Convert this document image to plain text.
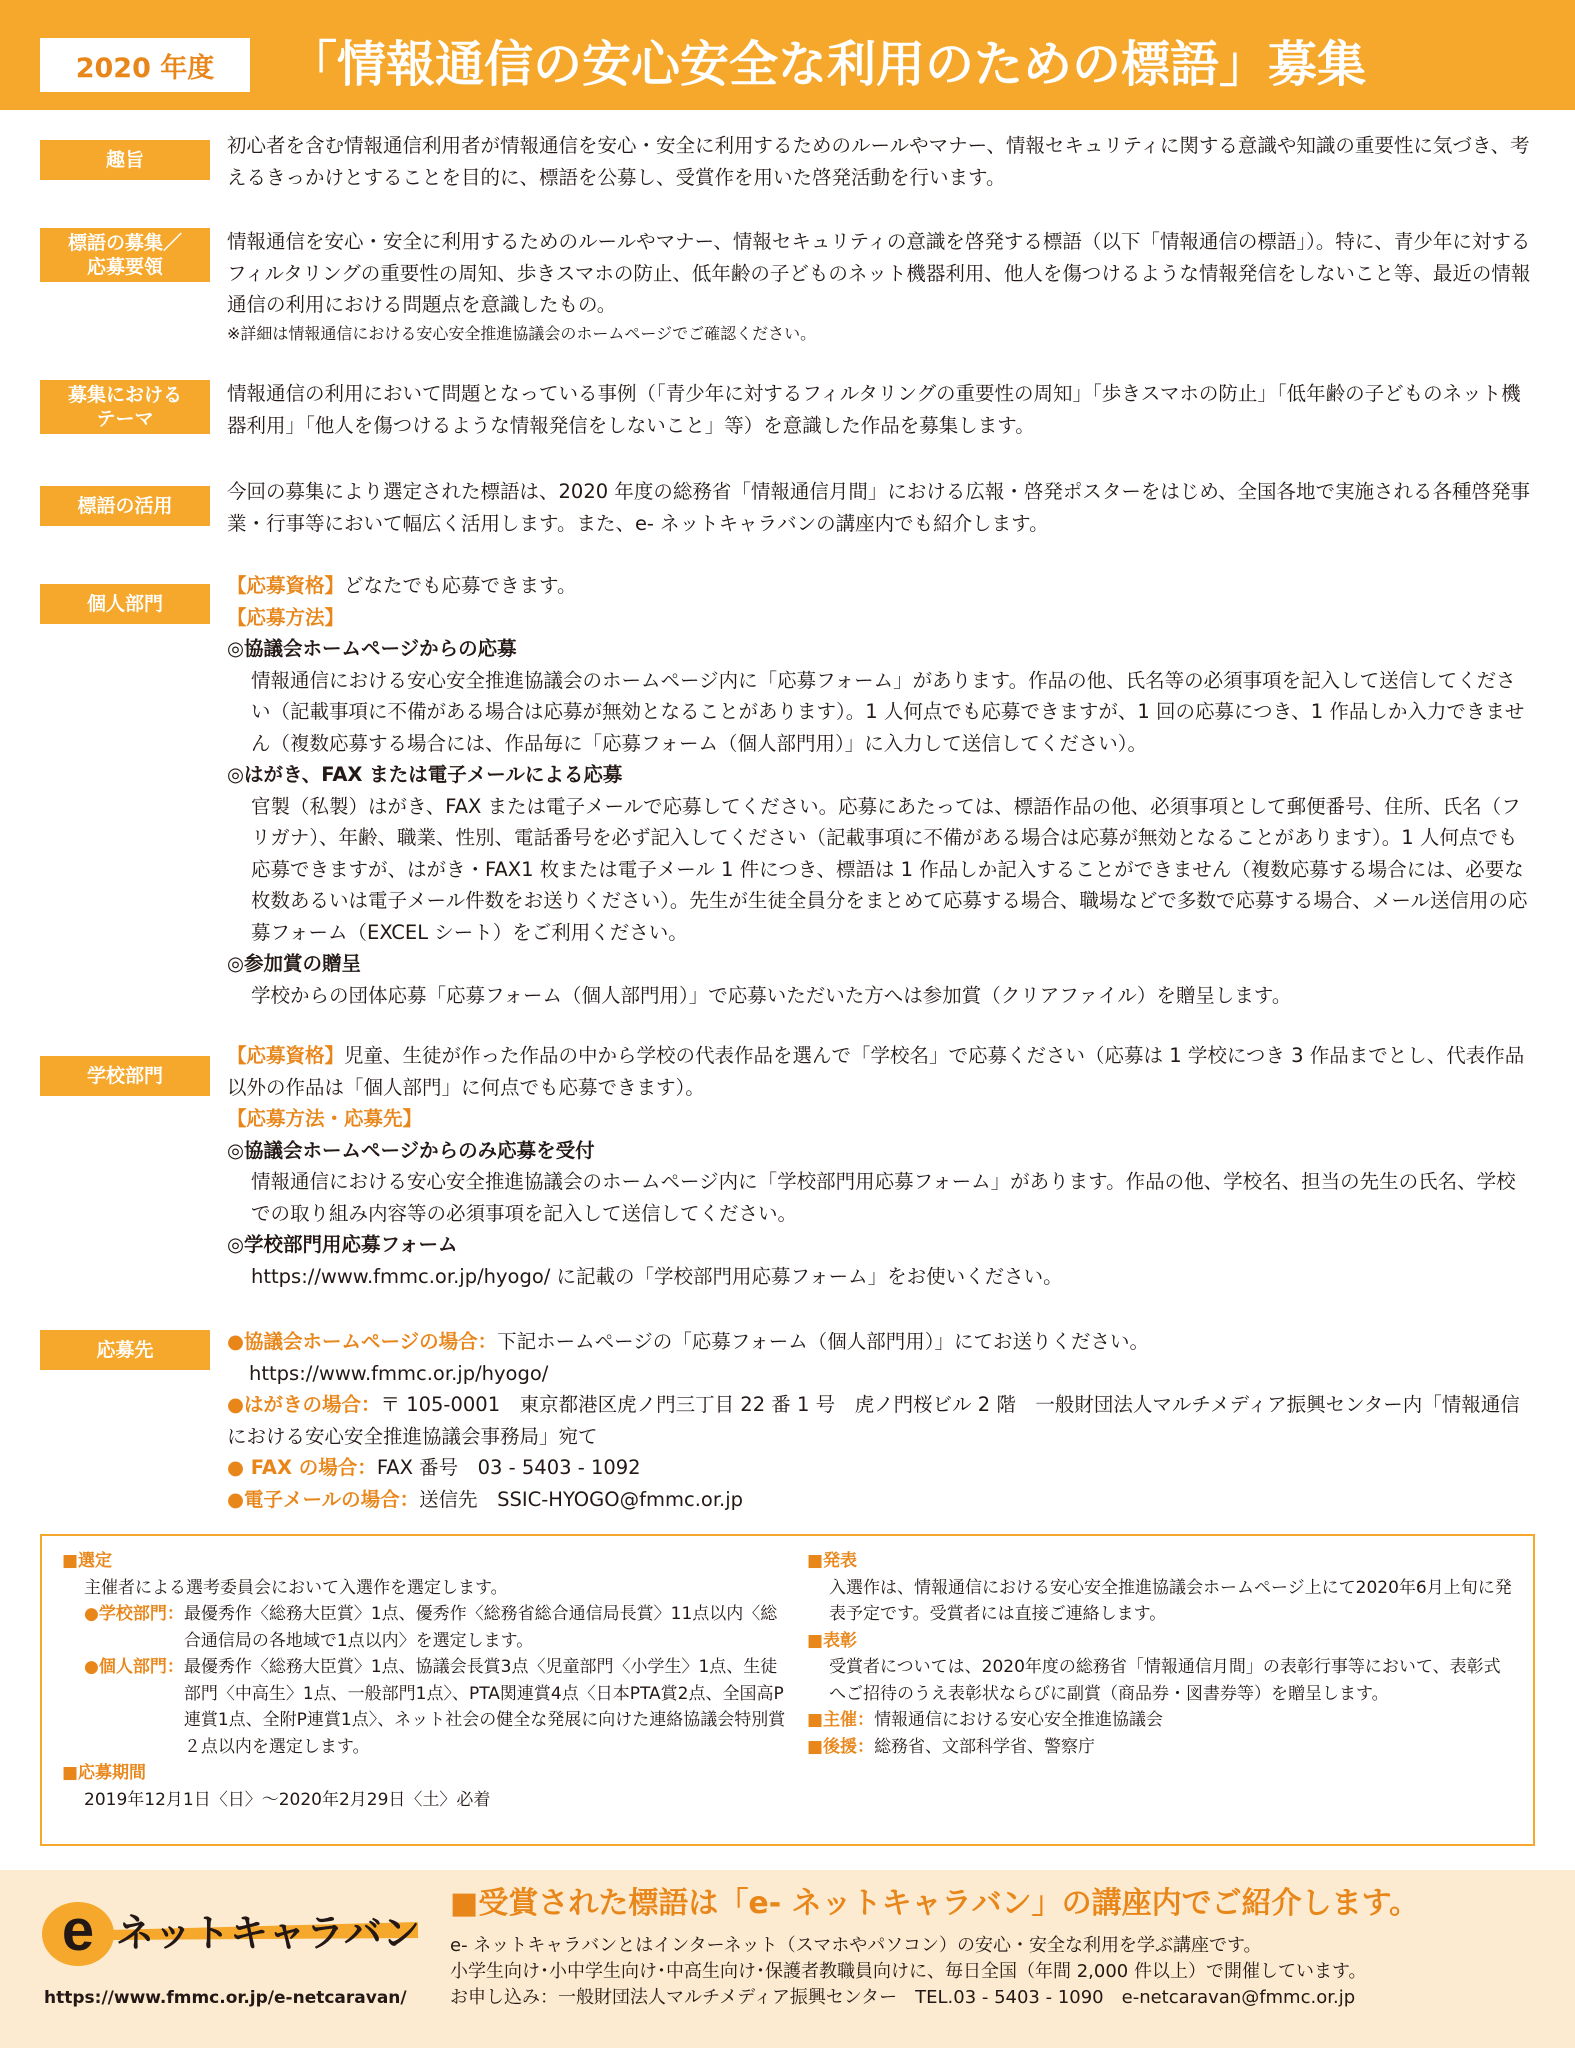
2020 年度	「情報通信の安心安全な利用のための標語」募集
趣旨

初心者を含む情報通信利用者が情報通信を安心・安全に利用するためのルールやマナー、情報セキュリティに関する意識や知識の重要性に気づき、考えるきっかけとすることを目的に、標語を公募し、受賞作を用いた啓発活動を行います。

標語の募集／
応募要領

情報通信を安心・安全に利用するためのルールやマナー、情報セキュリティの意識を啓発する標語（以下「情報通信の標語」）。特に、青少年に対するフィルタリングの重要性の周知、歩きスマホの防止、低年齢の子どものネット機器利用、他人を傷つけるような情報発信をしないこと等、最近の情報通信の利用における問題点を意識したもの。

※詳細は情報通信における安心安全推進協議会のホームページでご確認ください。

募集における
テーマ

情報通信の利用において問題となっている事例（「青少年に対するフィルタリングの重要性の周知」「歩きスマホの防止」「低年齢の子どものネット機器利用」「他人を傷つけるような情報発信をしないこと」等）を意識した作品を募集します。

標語の活用

今回の募集により選定された標語は、2020 年度の総務省「情報通信月間」における広報・啓発ポスターをはじめ、全国各地で実施される各種啓発事業・行事等において幅広く活用します。また、e- ネットキャラバンの講座内でも紹介します。

個人部門

【応募資格】どなたでも応募できます。

【応募方法】

◎協議会ホームページからの応募

情報通信における安心安全推進協議会のホームページ内に「応募フォーム」があります。作品の他、氏名等の必須事項を記入して送信してください（記載事項に不備がある場合は応募が無効となることがあります）。1 人何点でも応募できますが、1 回の応募につき、1 作品しか入力できません（複数応募する場合には、作品毎に「応募フォーム（個人部門用）」に入力して送信してください）。

◎はがき、FAX または電子メールによる応募

官製（私製）はがき、FAX または電子メールで応募してください。応募にあたっては、標語作品の他、必須事項として郵便番号、住所、氏名（フリガナ）、年齢、職業、性別、電話番号を必ず記入してください（記載事項に不備がある場合は応募が無効となることがあります）。1 人何点でも応募できますが、はがき・FAX1 枚または電子メール 1 件につき、標語は 1 作品しか記入することができません（複数応募する場合には、必要な枚数あるいは電子メール件数をお送りください）。先生が生徒全員分をまとめて応募する場合、職場などで多数で応募する場合、メール送信用の応募フォーム（EXCEL シート）をご利用ください。

◎参加賞の贈呈

学校からの団体応募「応募フォーム（個人部門用）」で応募いただいた方へは参加賞（クリアファイル）を贈呈します。

学校部門

【応募資格】児童、生徒が作った作品の中から学校の代表作品を選んで「学校名」で応募ください（応募は 1 学校につき 3 作品までとし、代表作品以外の作品は「個人部門」に何点でも応募できます）。

【応募方法・応募先】

◎協議会ホームページからのみ応募を受付

情報通信における安心安全推進協議会のホームページ内に「学校部門用応募フォーム」があります。作品の他、学校名、担当の先生の氏名、学校での取り組み内容等の必須事項を記入して送信してください。

◎学校部門用応募フォーム

https://www.fmmc.or.jp/hyogo/ に記載の「学校部門用応募フォーム」をお使いください。

応募先	●協議会ホームページの場合：下記ホームページの「応募フォーム（個人部門用）」にてお送りください。

https://www.fmmc.or.jp/hyogo/

●はがきの場合：〒 105-0001　東京都港区虎ノ門三丁目 22 番 1 号　虎ノ門桜ビル 2 階　一般財団法人マルチメディア振興センター内「情報通信における安心安全推進協議会事務局」宛て

● FAX の場合：FAX 番号　03 - 5403 - 1092

●電子メールの場合：送信先　SSIC-HYOGO@fmmc.or.jp

■選定

主催者による選考委員会において入選作を選定します。

●学校部門： 最優秀作〈総務大臣賞〉1点、優秀作〈総務省総合通信局長賞〉11点以内〈総合通信局の各地域で1点以内〉を選定します。
●個人部門： 最優秀作〈総務大臣賞〉1点、協議会長賞3点〈児童部門〈小学生〉1点、生徒部門〈中高生〉1点、一般部門1点〉、PTA関連賞4点〈日本PTA賞2点、全国高P連賞1点、全附P連賞1点〉、ネット社会の健全な発展に向けた連絡協議会特別賞２点以内を選定します。

■応募期間

2019年12月1日〈日〉～2020年2月29日〈土〉必着

■発表

入選作は、情報通信における安心安全推進協議会ホームページ上にて2020年6月上旬に発表予定です。受賞者には直接ご連絡します。

■表彰

受賞者については、2020年度の総務省「情報通信月間」の表彰行事等において、表彰式へご招待のうえ表彰状ならびに副賞（商品券・図書券等）を贈呈します。

■主催：情報通信における安心安全推進協議会

■後援：総務省、文部科学省、警察庁

e ネットキャラバン
https://www.fmmc.or.jp/e-netcaravan/
■受賞された標語は「e- ネットキャラバン」の講座内でご紹介します。
e- ネットキャラバンとはインターネット（スマホやパソコン）の安心・安全な利用を学ぶ講座です。
小学生向け･小中学生向け･中高生向け･保護者教職員向けに、毎日全国（年間 2,000 件以上）で開催しています。
お申し込み：一般財団法人マルチメディア振興センター　TEL.03 - 5403 - 1090　e-netcaravan@fmmc.or.jp
